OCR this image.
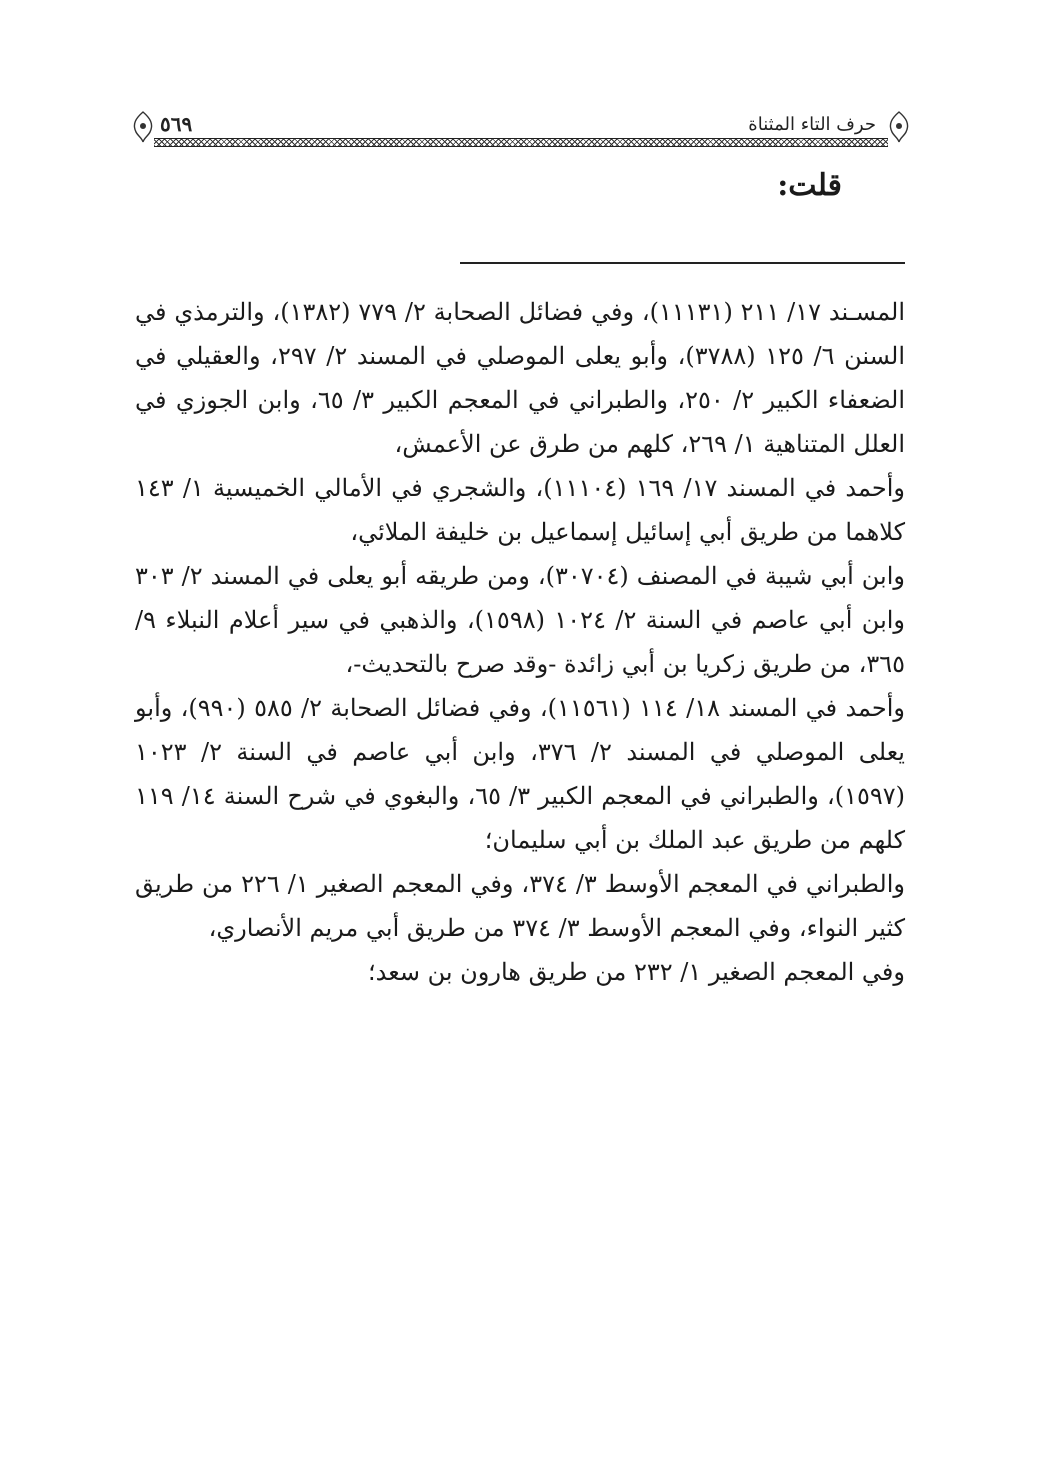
حرف التاء المثناة
٥٦٩
قلت:

المسـند ١٧/ ٢١١ (١١١٣١)، وفي فضائل الصحابة ٢/ ٧٧٩ (١٣٨٢)، والترمذي في السنن ٦/ ١٢٥ (٣٧٨٨)، وأبو يعلى الموصلي في المسند ٢/ ٢٩٧، والعقيلي في الضعفاء الكبير ٢/ ٢٥٠، والطبراني في المعجم الكبير ٣/ ٦٥، وابن الجوزي في العلل المتناهية ١/ ٢٦٩، كلهم من طرق عن الأعمش،

وأحمد في المسند ١٧/ ١٦٩ (١١١٠٤)، والشجري في الأمالي الخميسية ١/ ١٤٣ كلاهما من طريق أبي إسائيل إسماعيل بن خليفة الملائي،

وابن أبي شيبة في المصنف (٣٠٧٠٤)، ومن طريقه أبو يعلى في المسند ٢/ ٣٠٣ وابن أبي عاصم في السنة ٢/ ١٠٢٤ (١٥٩٨)، والذهبي في سير أعلام النبلاء ٩/ ٣٦٥، من طريق زكريا بن أبي زائدة -وقد صرح بالتحديث-،

وأحمد في المسند ١٨/ ١١٤ (١١٥٦١)، وفي فضائل الصحابة ٢/ ٥٨٥ (٩٩٠)، وأبو يعلى الموصلي في المسند ٢/ ٣٧٦، وابن أبي عاصم في السنة ٢/ ١٠٢٣ (١٥٩٧)، والطبراني في المعجم الكبير ٣/ ٦٥، والبغوي في شرح السنة ١٤/ ١١٩ كلهم من طريق عبد الملك بن أبي سليمان؛

والطبراني في المعجم الأوسط ٣/ ٣٧٤، وفي المعجم الصغير ١/ ٢٢٦ من طريق كثير النواء، وفي المعجم الأوسط ٣/ ٣٧٤ من طريق أبي مريم الأنصاري،

وفي المعجم الصغير ١/ ٢٣٢ من طريق هارون بن سعد؛
